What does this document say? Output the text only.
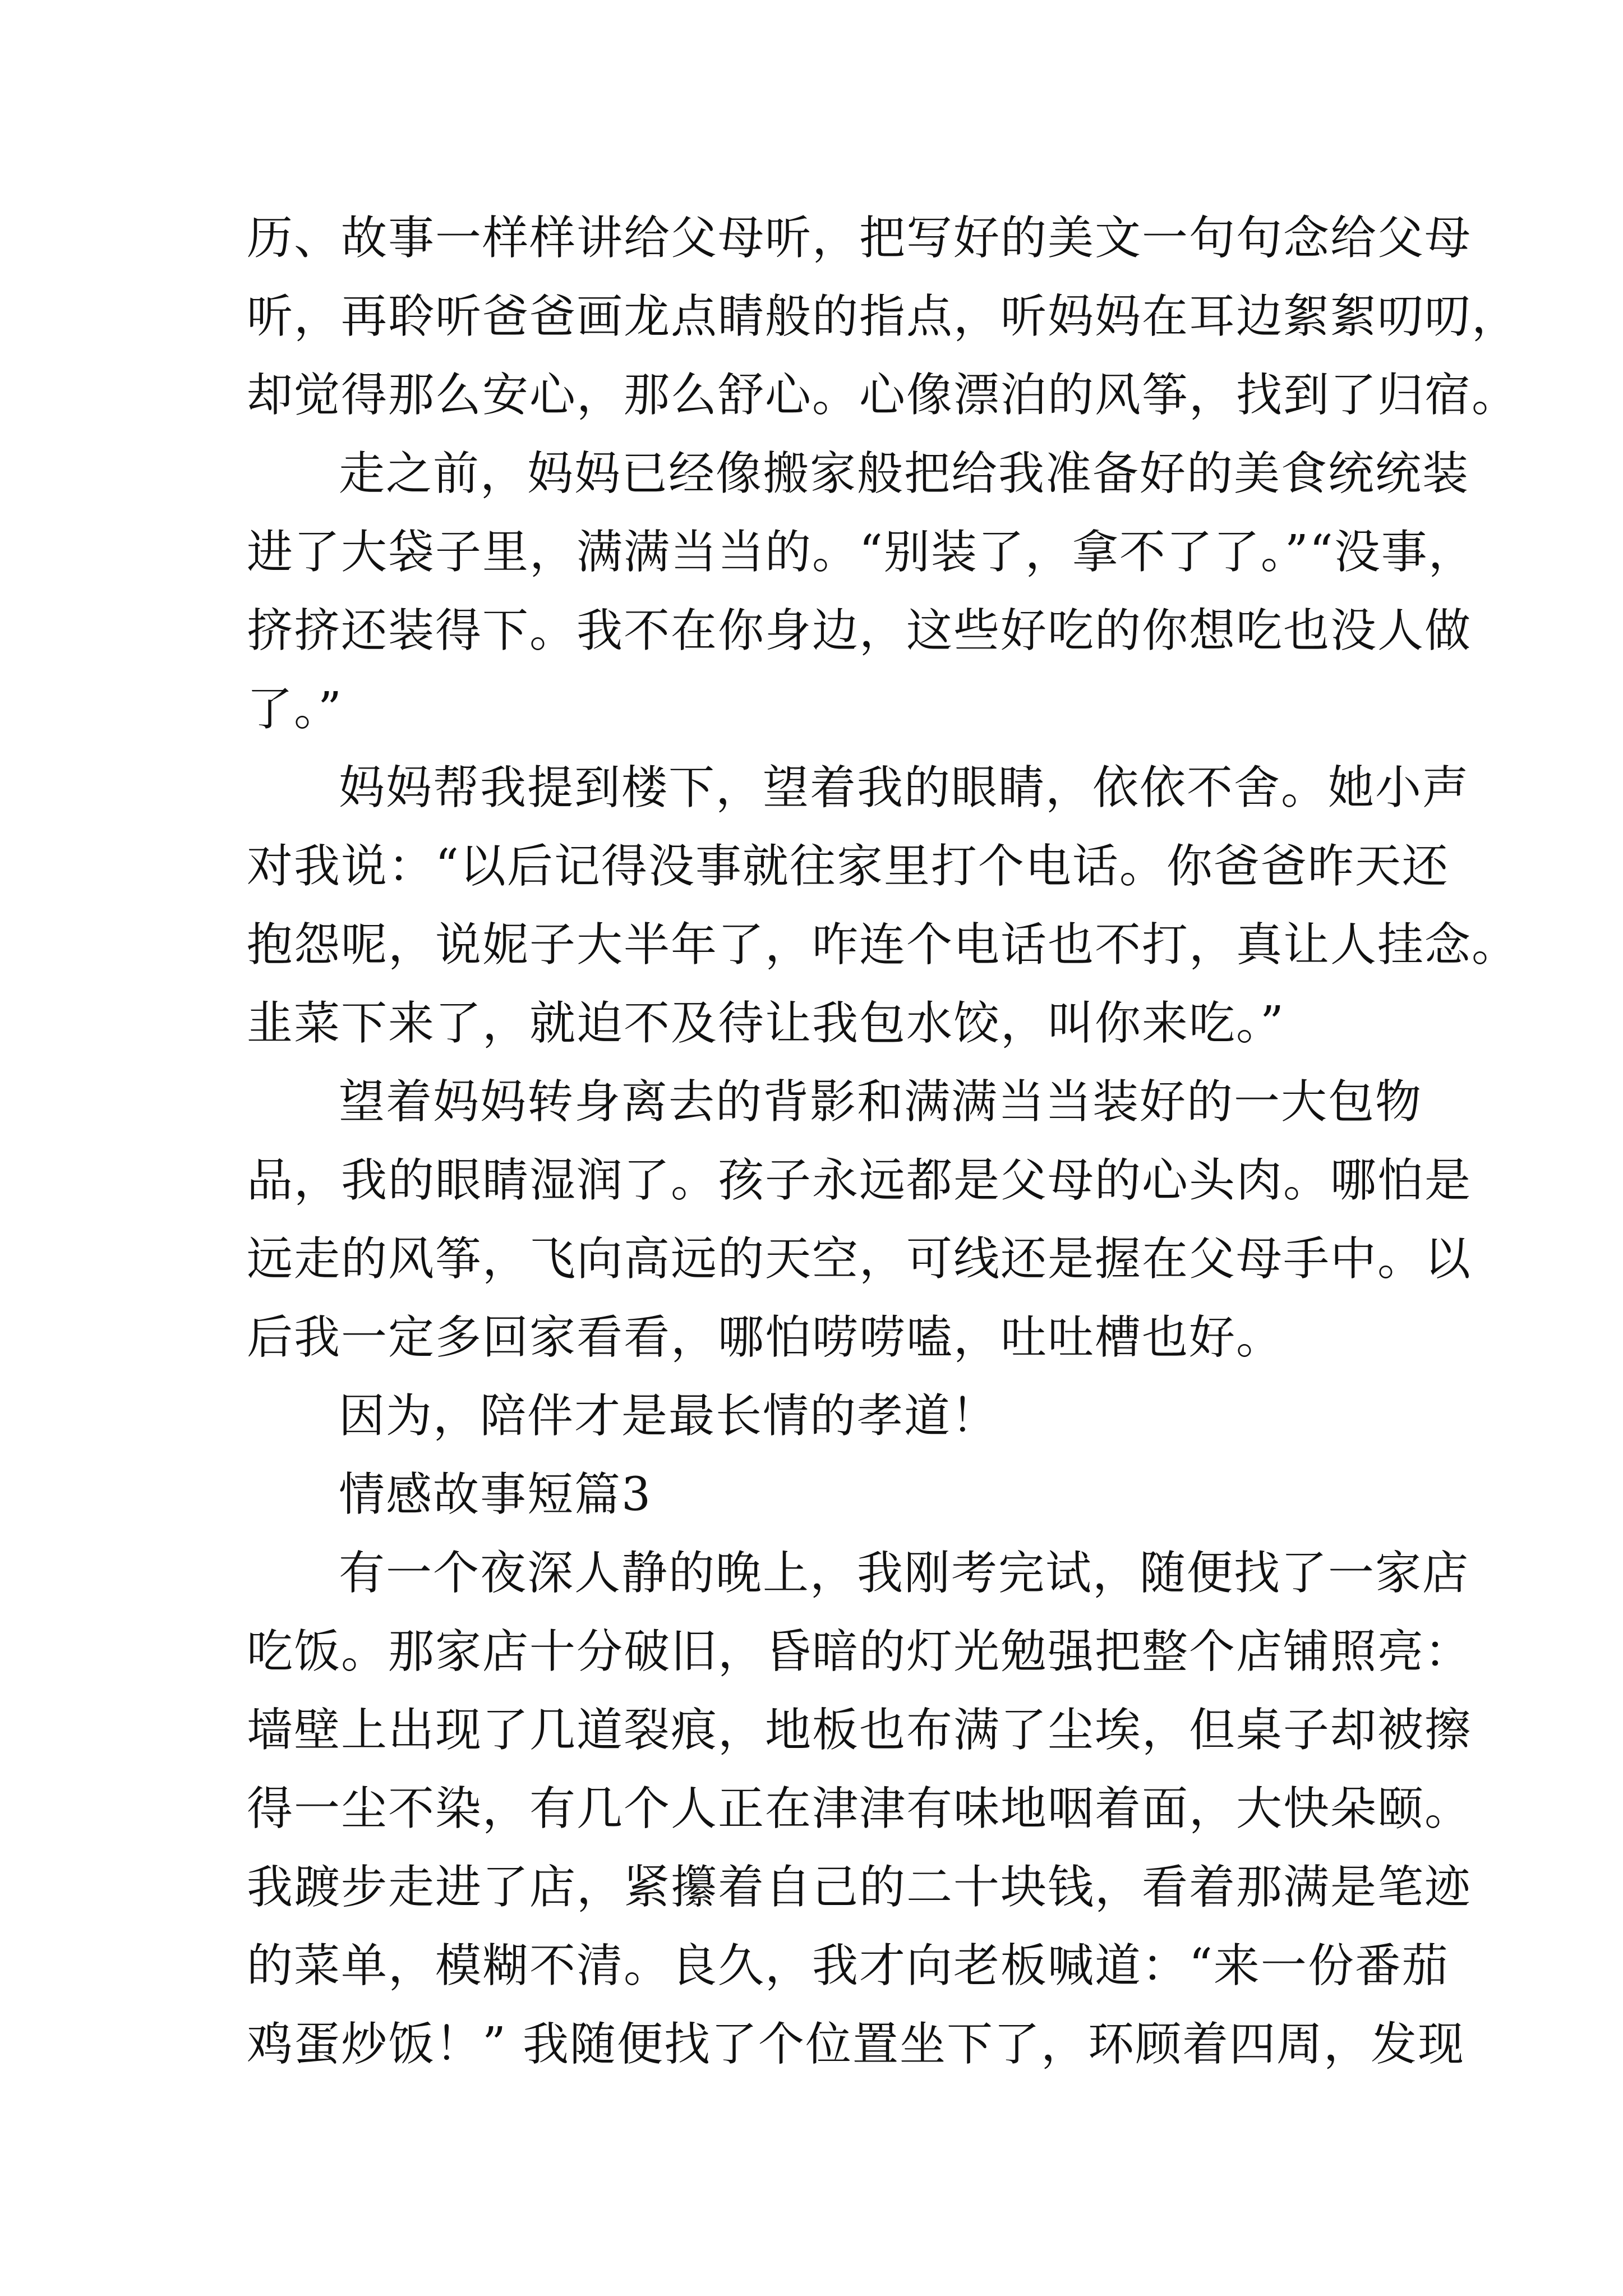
历、故事一样样讲给父母听，把写好的美文一句句念给父母
听，再聆听爸爸画龙点睛般的指点，听妈妈在耳边絮絮叨叨，
却觉得那么安心，那么舒心。心像漂泊的风筝，找到了归宿。
走之前，妈妈已经像搬家般把给我准备好的美食统统装
进了大袋子里，满满当当的。“别装了，拿不了了。”“没事，
挤挤还装得下。我不在你身边，这些好吃的你想吃也没人做
了。”
妈妈帮我提到楼下，望着我的眼睛，依依不舍。她小声
对我说：“以后记得没事就往家里打个电话。你爸爸昨天还
抱怨呢，说妮子大半年了，咋连个电话也不打，真让人挂念。
韭菜下来了，就迫不及待让我包水饺，叫你来吃。”
望着妈妈转身离去的背影和满满当当装好的一大包物
品，我的眼睛湿润了。孩子永远都是父母的心头肉。哪怕是
远走的风筝，飞向高远的天空，可线还是握在父母手中。以
后我一定多回家看看，哪怕唠唠嗑，吐吐槽也好。
因为，陪伴才是最长情的孝道！
情感故事短篇3
有一个夜深人静的晚上，我刚考完试，随便找了一家店
吃饭。那家店十分破旧，昏暗的灯光勉强把整个店铺照亮：
墙壁上出现了几道裂痕，地板也布满了尘埃，但桌子却被擦
得一尘不染，有几个人正在津津有味地咽着面，大快朵颐。
我踱步走进了店，紧攥着自己的二十块钱，看着那满是笔迹
的菜单，模糊不清。良久，我才向老板喊道：“来一份番茄
鸡蛋炒饭！” 我随便找了个位置坐下了，环顾着四周，发现
